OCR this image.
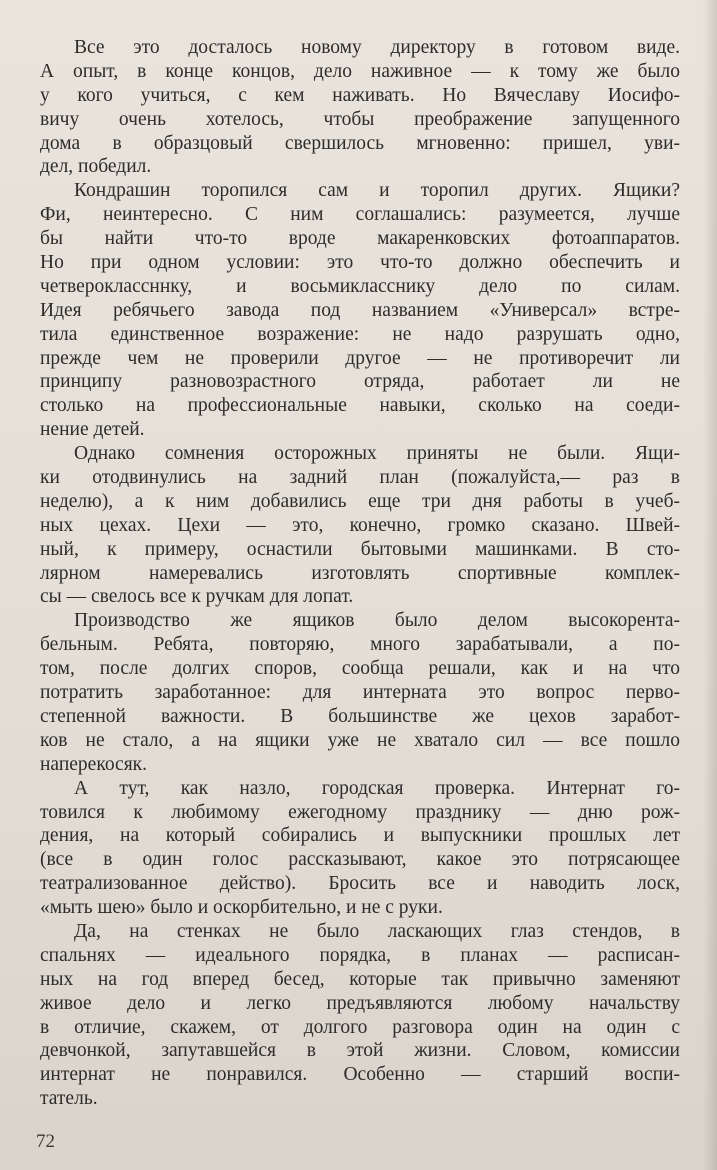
Все это досталось новому директору в готовом виде.
А опыт, в конце концов, дело наживное — к тому же было
у кого учиться, с кем наживать. Но Вячеславу Иосифо-
вичу очень хотелось, чтобы преображение запущенного
дома в образцовый свершилось мгновенно: пришел, уви-
дел, победил.
Кондрашин торопился сам и торопил других. Ящики?
Фи, неинтересно. С ним соглашались: разумеется, лучше
бы найти что-то вроде макаренковских фотоаппаратов.
Но при одном условии: это что-то должно обеспечить и
четвероклассннку, и восьмикласснику дело по силам.
Идея ребячьего завода под названием «Универсал» встре-
тила единственное возражение: не надо разрушать одно,
прежде чем не проверили другое — не противоречит ли
принципу разновозрастного отряда, работает ли не
столько на профессиональные навыки, сколько на соеди-
нение детей.
Однако сомнения осторожных приняты не были. Ящи-
ки отодвинулись на задний план (пожалуйста,— раз в
неделю), а к ним добавились еще три дня работы в учеб-
ных цехах. Цехи — это, конечно, громко сказано. Швей-
ный, к примеру, оснастили бытовыми машинками. В сто-
лярном намеревались изготовлять спортивные комплек-
сы — свелось все к ручкам для лопат.
Производство же ящиков было делом высокорента-
бельным. Ребята, повторяю, много зарабатывали, а по-
том, после долгих споров, сообща решали, как и на что
потратить заработанное: для интерната это вопрос перво-
степенной важности. В большинстве же цехов заработ-
ков не стало, а на ящики уже не хватало сил — все пошло
наперекосяк.
А тут, как назло, городская проверка. Интернат го-
товился к любимому ежегодному празднику — дню рож-
дения, на который собирались и выпускники прошлых лет
(все в один голос рассказывают, какое это потрясающее
театрализованное действо). Бросить все и наводить лоск,
«мыть шею» было и оскорбительно, и не с руки.
Да, на стенках не было ласкающих глаз стендов, в
спальнях — идеального порядка, в планах — расписан-
ных на год вперед бесед, которые так привычно заменяют
живое дело и легко предъявляются любому начальству
в отличие, скажем, от долгого разговора один на один с
девчонкой, запутавшейся в этой жизни. Словом, комиссии
интернат не понравился. Особенно — старший воспи-
татель.
72
